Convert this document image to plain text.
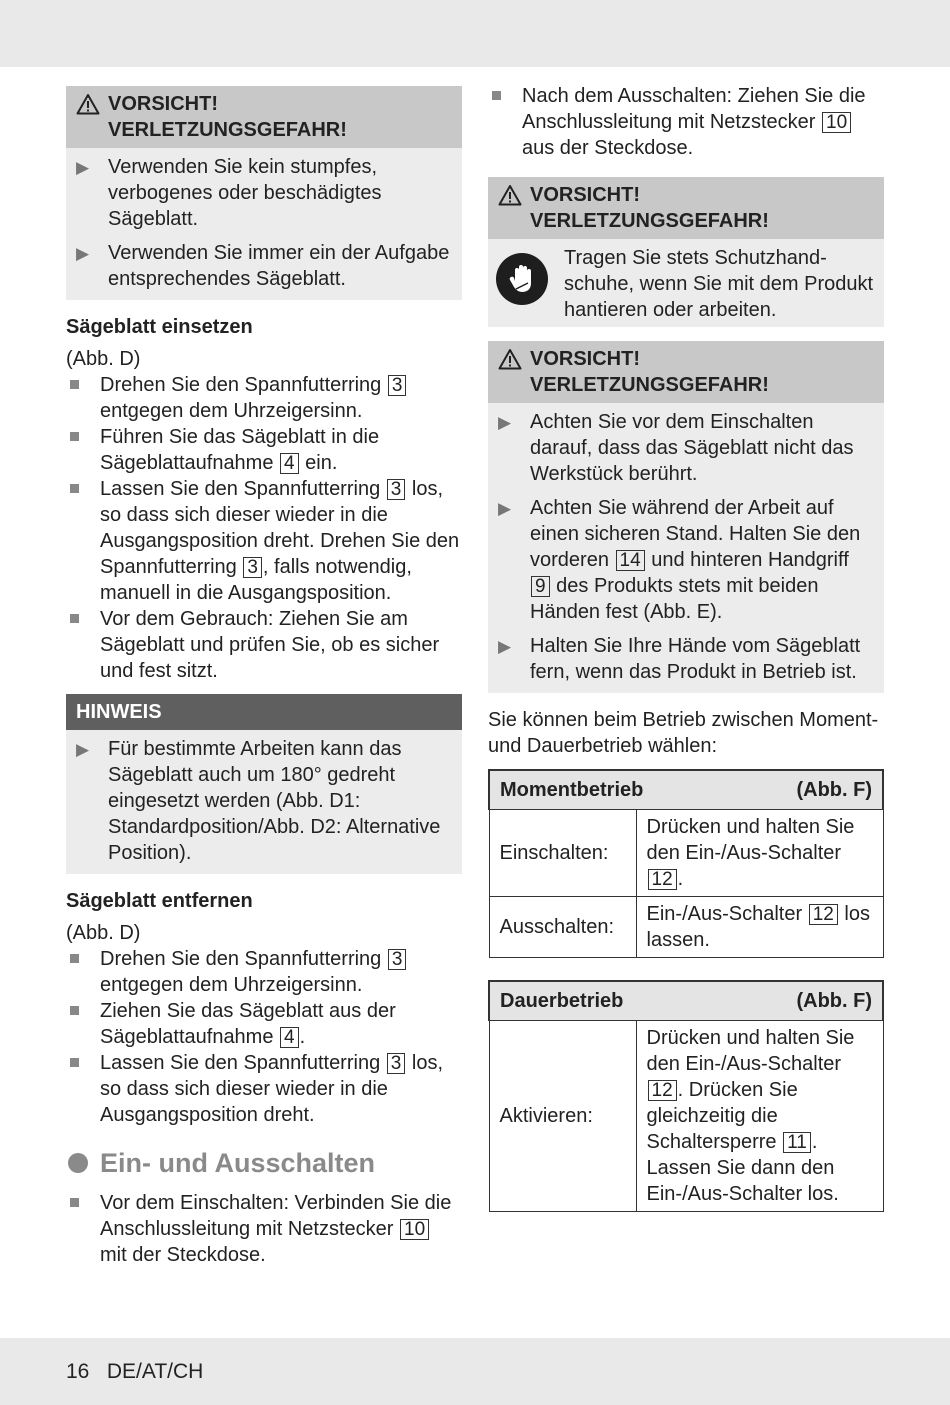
VORSICHT!
VERLETZUNGSGEFAHR!
▶ Verwenden Sie kein stumpfes, verbogenes oder beschädigtes Sägeblatt.
▶ Verwenden Sie immer ein der Aufgabe entsprechendes Sägeblatt.
Sägeblatt einsetzen
(Abb. D)
Drehen Sie den Spannfutterring 3 entgegen dem Uhrzeigersinn.
Führen Sie das Sägeblatt in die Sägeblattaufnahme 4 ein.
Lassen Sie den Spannfutterring 3 los, so dass sich dieser wieder in die Ausgangsposition dreht. Drehen Sie den Spannfutterring 3 , falls notwendig, manuell in die Ausgangsposition.
Vor dem Gebrauch: Ziehen Sie am Sägeblatt und prüfen Sie, ob es sicher und fest sitzt.
HINWEIS
▶ Für bestimmte Arbeiten kann das Sägeblatt auch um 180° gedreht eingesetzt werden (Abb. D1: Standardposition/Abb. D2: Alternative Position).
Sägeblatt entfernen
(Abb. D)
Drehen Sie den Spannfutterring 3 entgegen dem Uhrzeigersinn.
Ziehen Sie das Sägeblatt aus der Sägeblattaufnahme 4 .
Lassen Sie den Spannfutterring 3 los, so dass sich dieser wieder in die Ausgangsposition dreht.
Ein- und Ausschalten
Vor dem Einschalten: Verbinden Sie die Anschlussleitung mit Netzstecker 10 mit der Steckdose.
Nach dem Ausschalten: Ziehen Sie die Anschlussleitung mit Netzstecker 10 aus der Steckdose.
VORSICHT!
VERLETZUNGSGEFAHR!
Tragen Sie stets Schutzhand-schuhe, wenn Sie mit dem Produkt hantieren oder arbeiten.
VORSICHT!
VERLETZUNGSGEFAHR!
▶ Achten Sie vor dem Einschalten darauf, dass das Sägeblatt nicht das Werkstück berührt.
▶ Achten Sie während der Arbeit auf einen sicheren Stand. Halten Sie den vorderen 14 und hinteren Handgriff 9 des Produkts stets mit beiden Händen fest (Abb. E).
▶ Halten Sie Ihre Hände vom Sägeblatt fern, wenn das Produkt in Betrieb ist.
Sie können beim Betrieb zwischen Moment- und Dauerbetrieb wählen:
Momentbetrieb (Abb. F)	

Einschalten:	Drücken und halten Sie den Ein-/Aus-Schalter 12 .
Ausschalten:	Ein-/Aus-Schalter 12 los lassen.
Dauerbetrieb	(Abb. F)

Aktivieren:	Drücken und halten Sie den Ein-/Aus-Schalter 12 . Drücken Sie gleichzeitig die Schaltersperre 11 . Lassen Sie dann den Ein-/Aus-Schalter los.
16 DE/AT/CH
